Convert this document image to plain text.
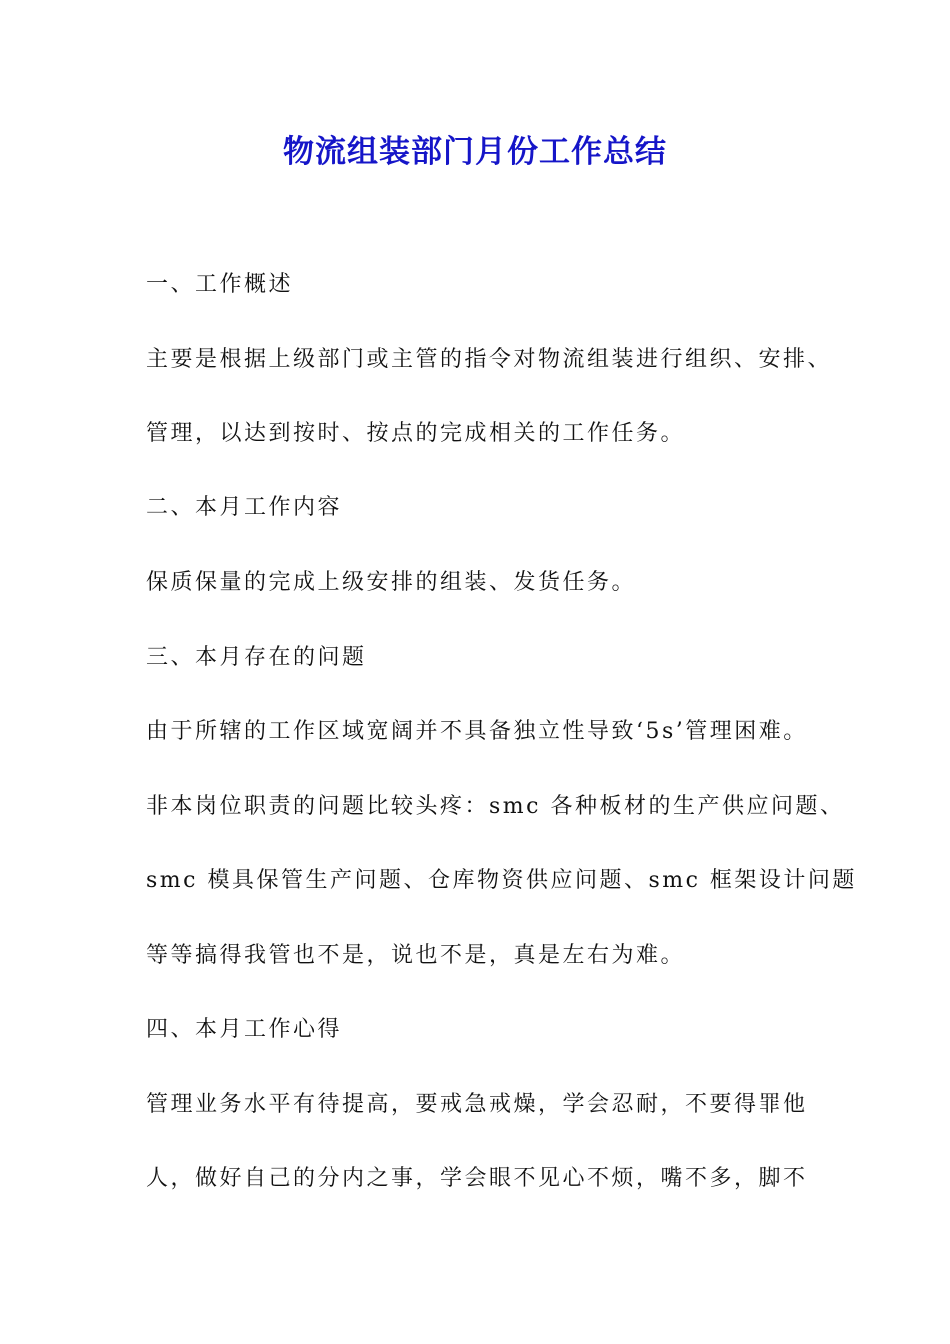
物流组装部门月份工作总结

一、工作概述

主要是根据上级部门或主管的指令对物流组装进行组织、安排、

管理，以达到按时、按点的完成相关的工作任务。

二、本月工作内容

保质保量的完成上级安排的组装、发货任务。

三、本月存在的问题

由于所辖的工作区域宽阔并不具备独立性导致‘5s’管理困难。

非本岗位职责的问题比较头疼：smc 各种板材的生产供应问题、

smc 模具保管生产问题、仓库物资供应问题、smc 框架设计问题

等等搞得我管也不是，说也不是，真是左右为难。

四、本月工作心得

管理业务水平有待提高，要戒急戒燥，学会忍耐，不要得罪他

人，做好自己的分内之事，学会眼不见心不烦，嘴不多，脚不
